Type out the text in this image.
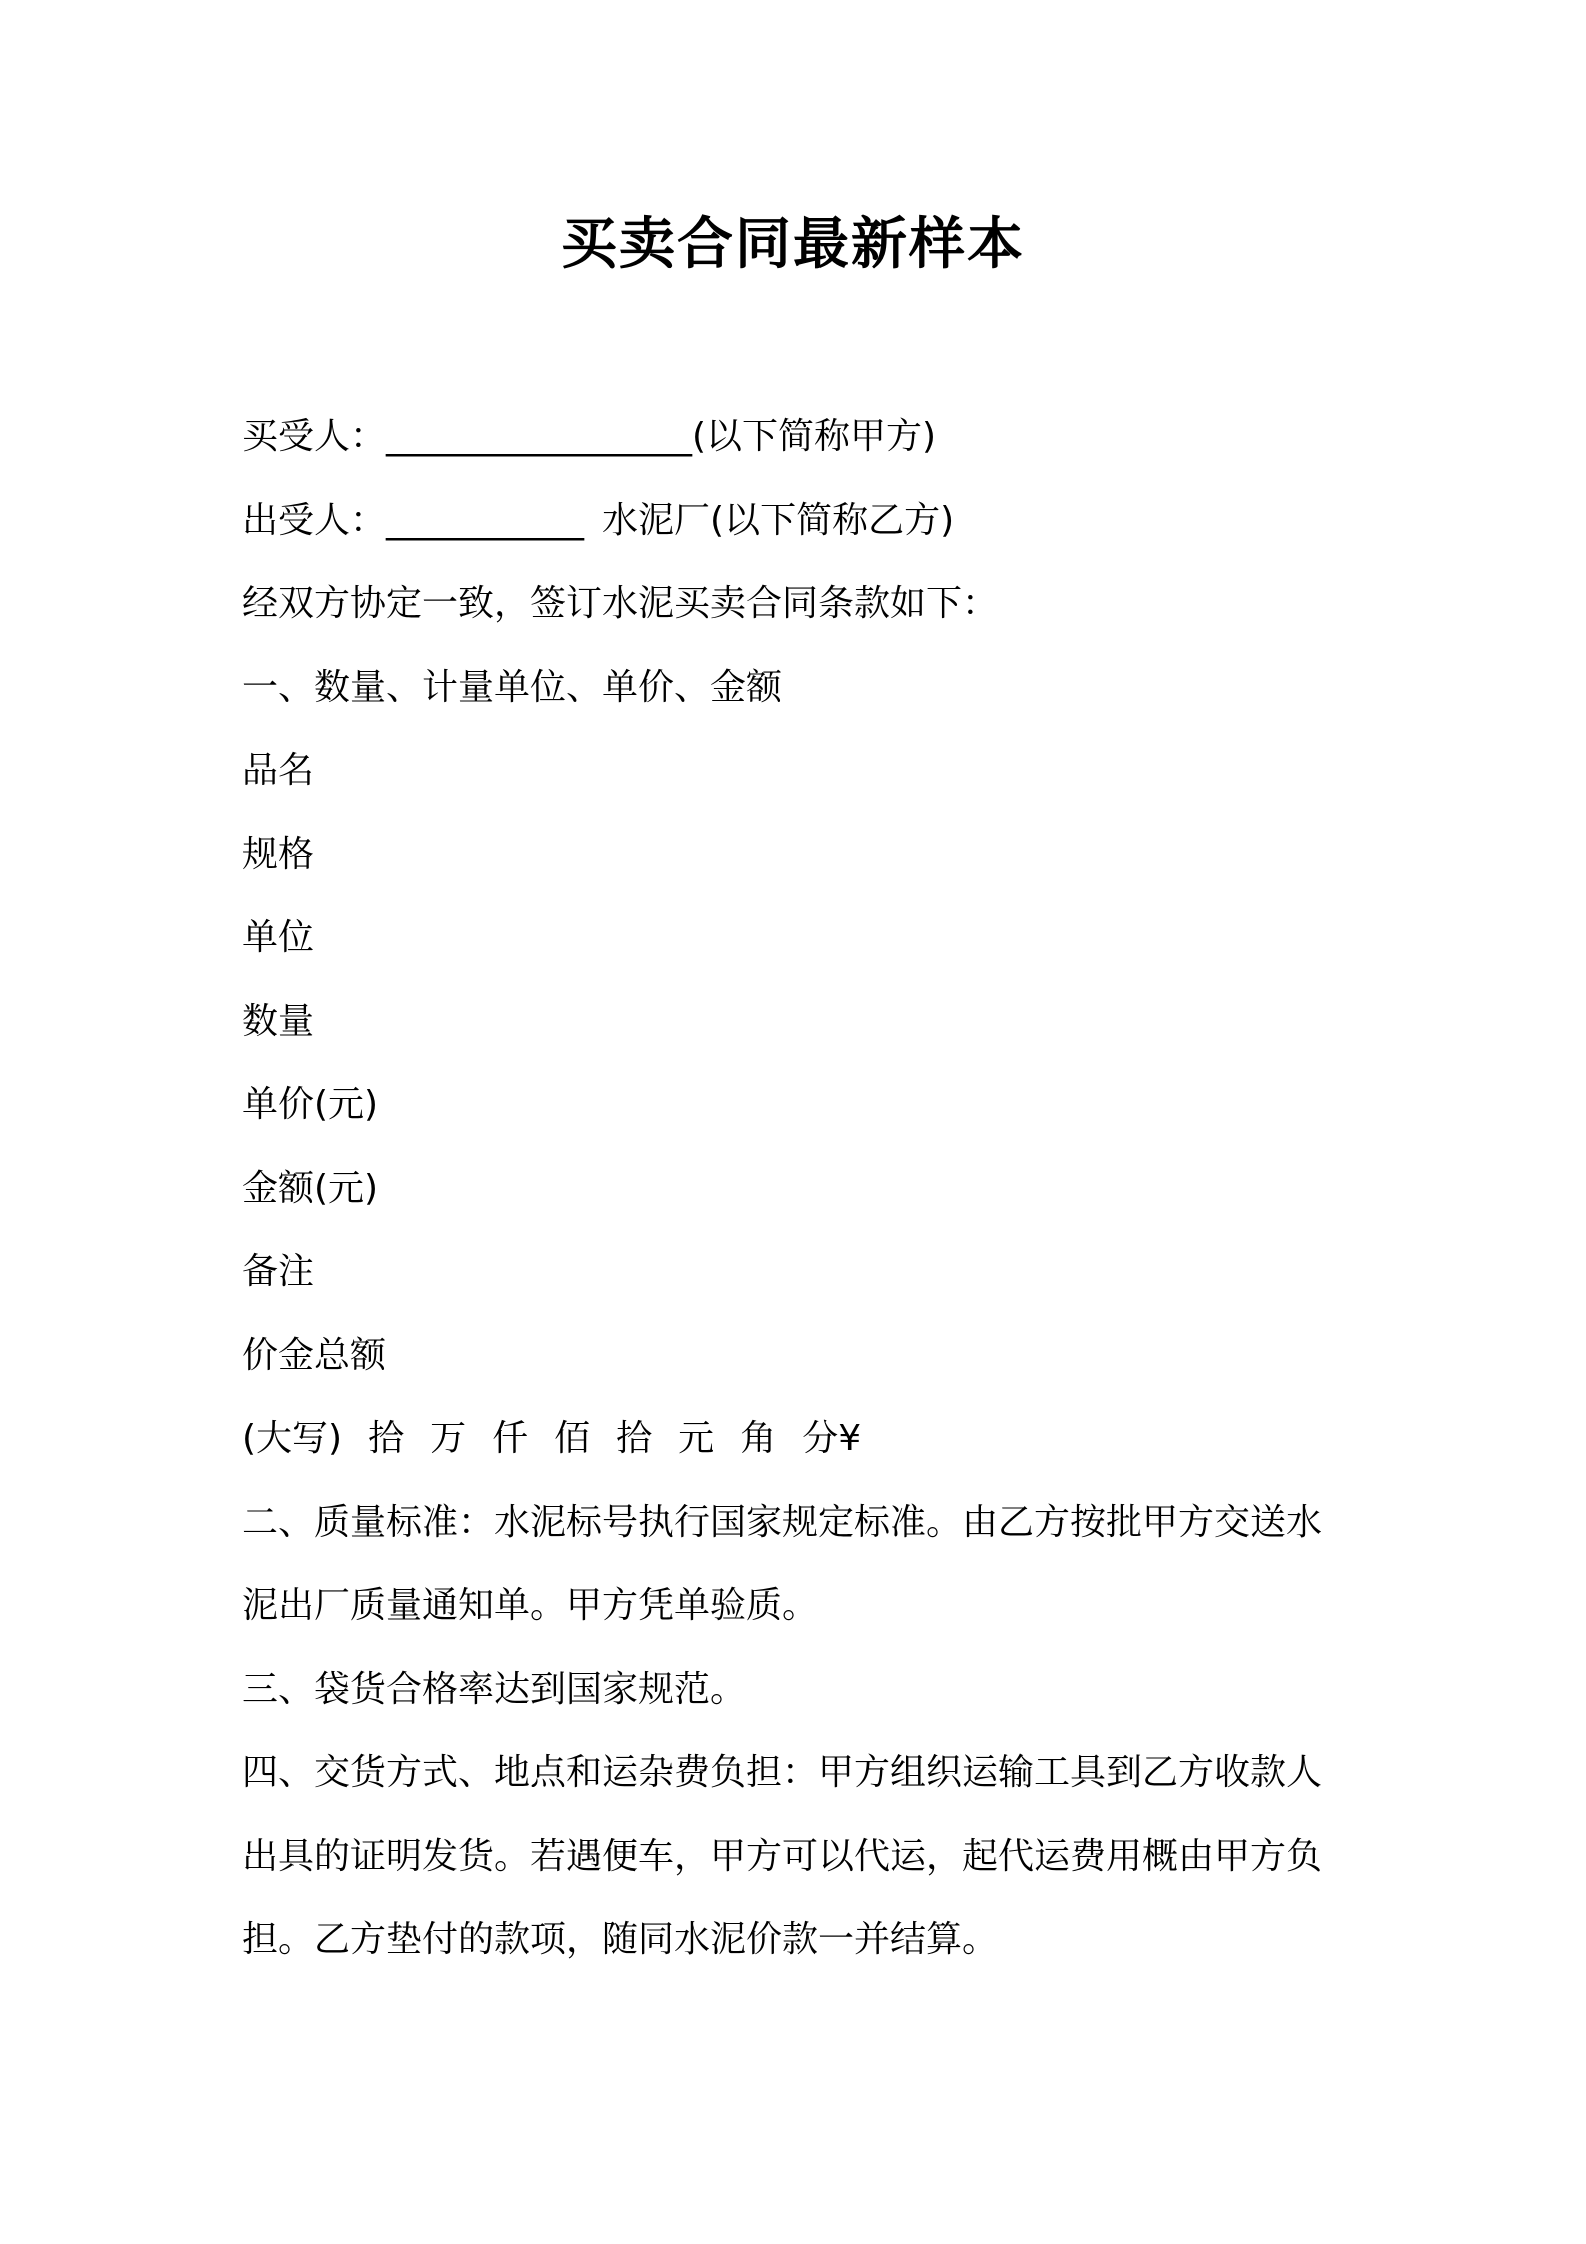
买卖合同最新样本

买受人：_________________(以下简称甲方)

出受人：___________ 水泥厂(以下简称乙方)

经双方协定一致，签订水泥买卖合同条款如下：

一、数量、计量单位、单价、金额

品名

规格

单位

数量

单价(元)

金额(元)

备注

价金总额

(大写) 拾 万 仟 佰 拾 元 角 分¥

二、质量标准：水泥标号执行国家规定标准。由乙方按批甲方交送水

泥出厂质量通知单。甲方凭单验质。

三、袋货合格率达到国家规范。

四、交货方式、地点和运杂费负担：甲方组织运输工具到乙方收款人

出具的证明发货。若遇便车，甲方可以代运，起代运费用概由甲方负

担。乙方垫付的款项，随同水泥价款一并结算。
